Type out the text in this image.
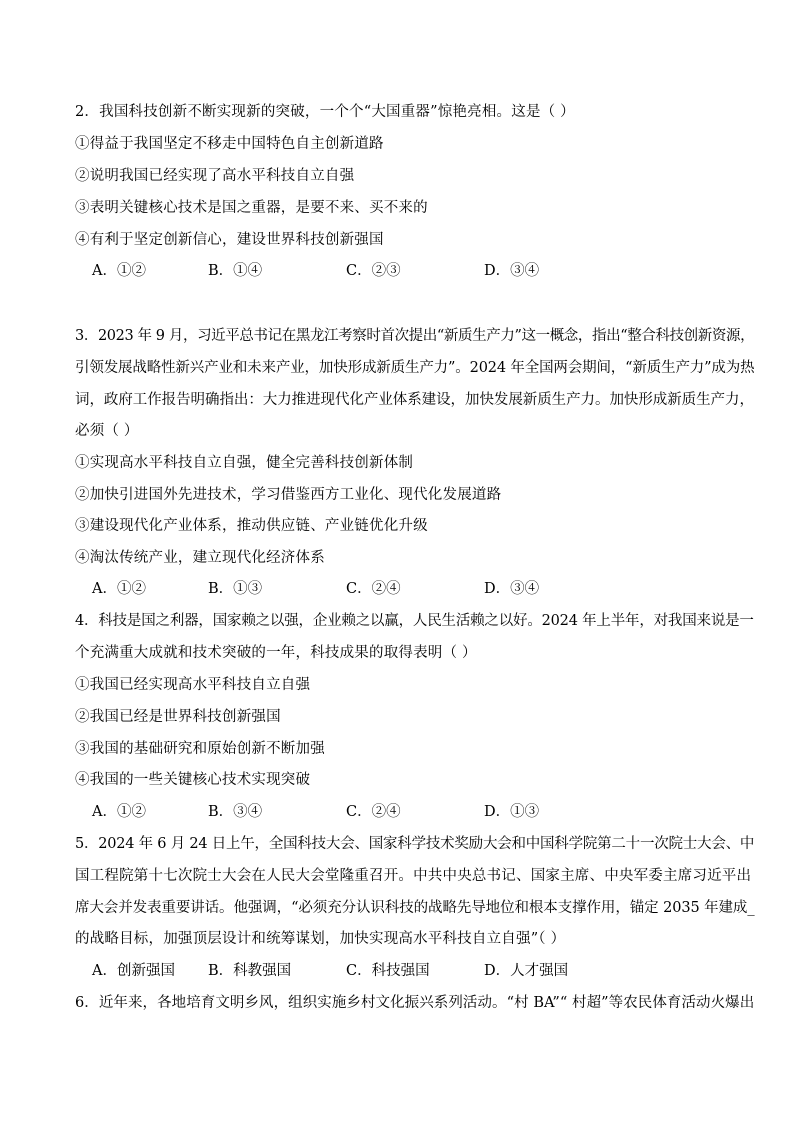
2．我国科技创新不断实现新的突破，一个个“大国重器”惊艳亮相。这是（ ）
①得益于我国坚定不移走中国特色自主创新道路
②说明我国已经实现了高水平科技自立自强
③表明关键核心技术是国之重器，是要不来、买不来的
④有利于坚定创新信心，建设世界科技创新强国
A．①②	B．①④	C．②③	D．③④
3．2023 年 9 月，习近平总书记在黑龙江考察时首次提出“新质生产力”这一概念，指出“整合科技创新资源，
引领发展战略性新兴产业和未来产业，加快形成新质生产力”。2024 年全国两会期间，“新质生产力”成为热
词，政府工作报告明确指出：大力推进现代化产业体系建设，加快发展新质生产力。加快形成新质生产力，
必须（ ）
①实现高水平科技自立自强，健全完善科技创新体制
②加快引进国外先进技术，学习借鉴西方工业化、现代化发展道路
③建设现代化产业体系，推动供应链、产业链优化升级
④淘汰传统产业，建立现代化经济体系
A．①②	B．①③	C．②④	D．③④
4．科技是国之利器，国家赖之以强，企业赖之以赢，人民生活赖之以好。2024 年上半年，对我国来说是一
个充满重大成就和技术突破的一年，科技成果的取得表明（ ）
①我国已经实现高水平科技自立自强
②我国已经是世界科技创新强国
③我国的基础研究和原始创新不断加强
④我国的一些关键核心技术实现突破
A．①②	B．③④	C．②④	D．①③
5．2024 年 6 月 24 日上午，全国科技大会、国家科学技术奖励大会和中国科学院第二十一次院士大会、中
国工程院第十七次院士大会在人民大会堂隆重召开。中共中央总书记、国家主席、中央军委主席习近平出
席大会并发表重要讲话。他强调，“必须充分认识科技的战略先导地位和根本支撑作用，锚定 2035 年建成_
的战略目标，加强顶层设计和统筹谋划，加快实现高水平科技自立自强”（ ）
A．创新强国 B．科教强国	C．科技强国	D．人才强国
6．近年来，各地培育文明乡风，组织实施乡村文化振兴系列活动。“村 BA”“ 村超”等农民体育活动火爆出
